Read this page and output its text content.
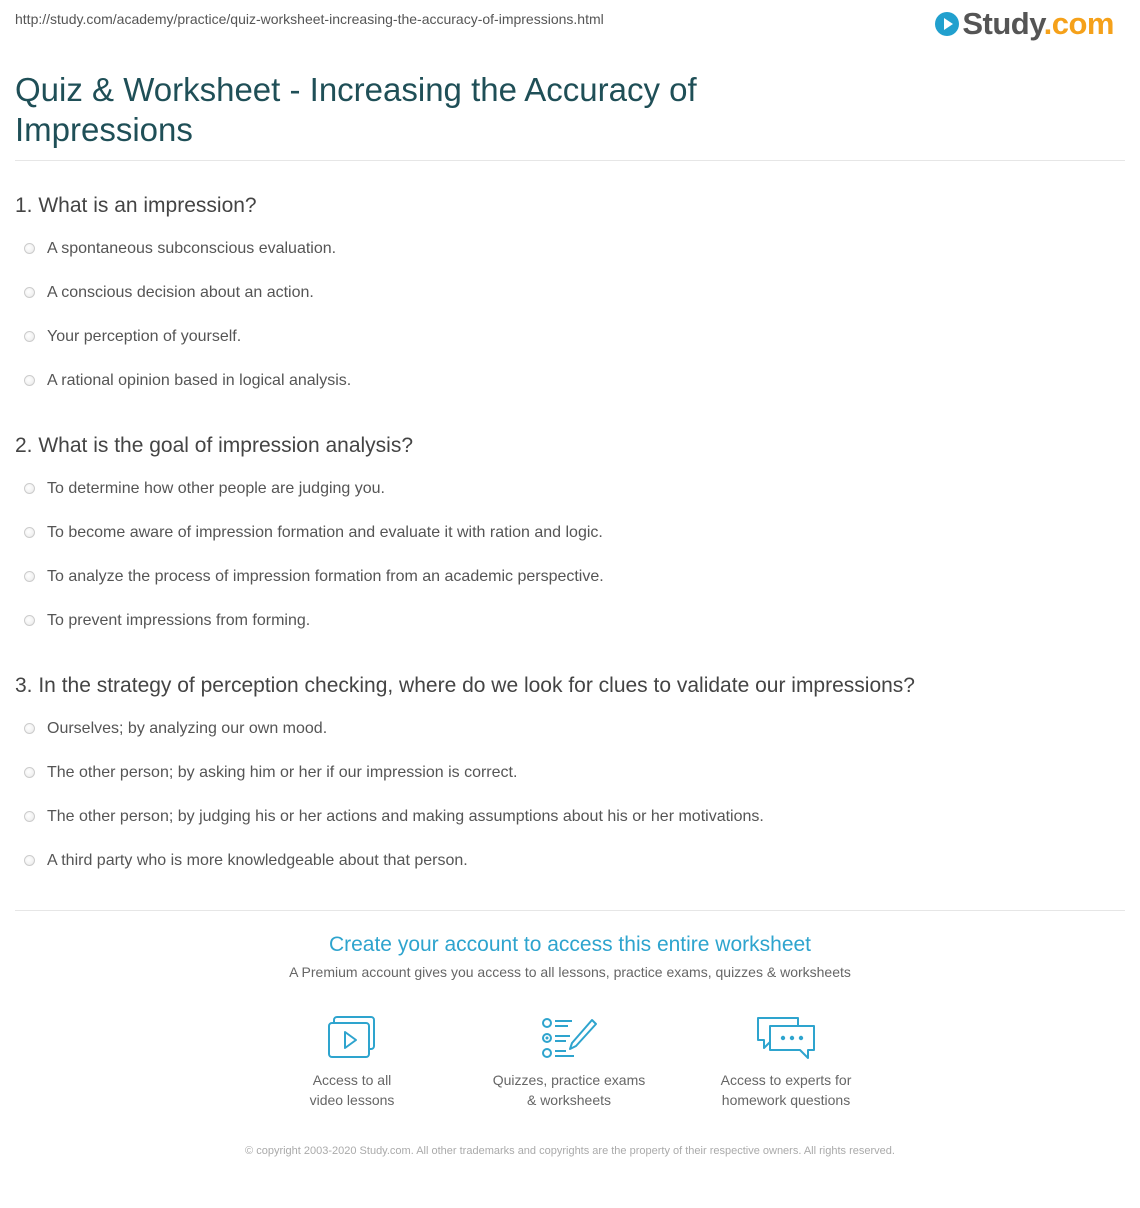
http://study.com/academy/practice/quiz-worksheet-increasing-the-accuracy-of-impressions.html	Study.com
Quiz & Worksheet - Increasing the Accuracy of Impressions
1. What is an impression?
A spontaneous subconscious evaluation.
A conscious decision about an action.
Your perception of yourself.
A rational opinion based in logical analysis.
2. What is the goal of impression analysis?
To determine how other people are judging you.
To become aware of impression formation and evaluate it with ration and logic.
To analyze the process of impression formation from an academic perspective.
To prevent impressions from forming.
3. In the strategy of perception checking, where do we look for clues to validate our impressions?
Ourselves; by analyzing our own mood.
The other person; by asking him or her if our impression is correct.
The other person; by judging his or her actions and making assumptions about his or her motivations.
A third party who is more knowledgeable about that person.
Create your account to access this entire worksheet
A Premium account gives you access to all lessons, practice exams, quizzes & worksheets
Access to all
video lessons
Quizzes, practice exams
& worksheets
Access to experts for
homework questions
© copyright 2003-2020 Study.com. All other trademarks and copyrights are the property of their respective owners. All rights reserved.
